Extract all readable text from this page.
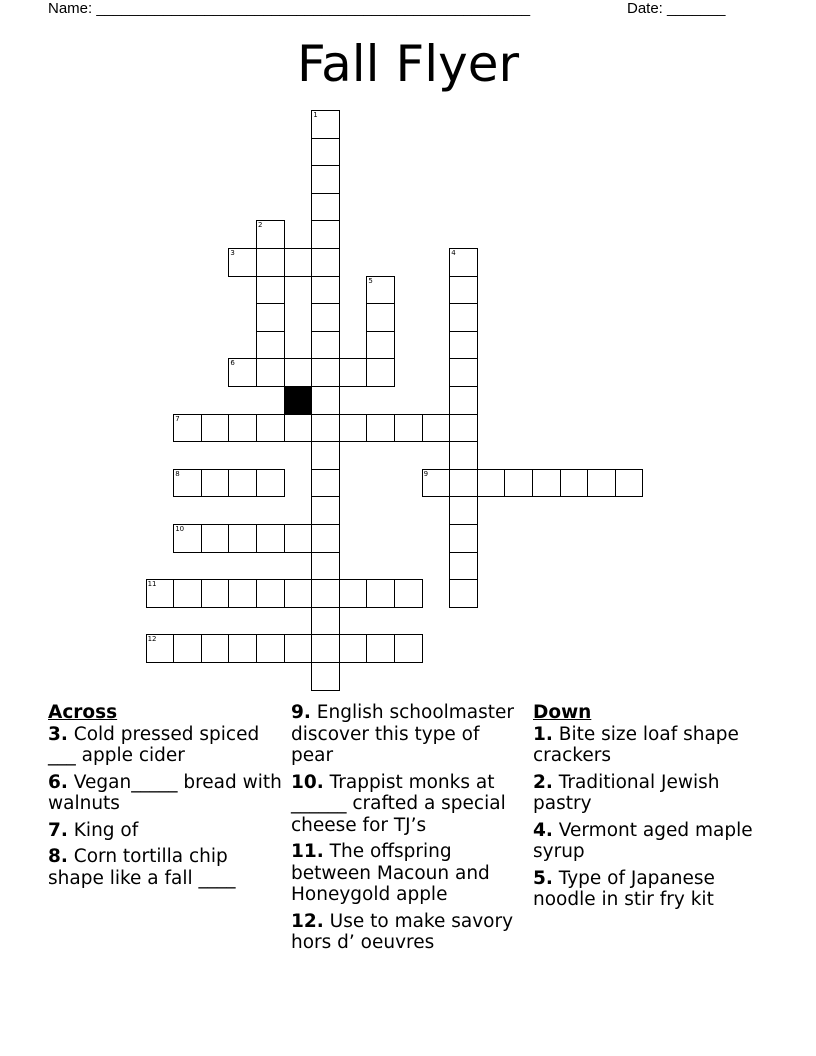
Name: ____________________________________________________	Date: _______
Fall Flyer
1
2
3	4
5
6
7
8	9
10
11
12
Across
3. Cold pressed spiced ___ apple cider
6. Vegan_____ bread with walnuts
7. King of
8. Corn tortilla chip shape like a fall ____
9. English schoolmaster discover this type of pear
10. Trappist monks at ______ crafted a special cheese for TJ’s
11. The offspring between Macoun and Honeygold apple
12. Use to make savory hors d’ oeuvres
Down
1. Bite size loaf shape crackers
2. Traditional Jewish pastry
4. Vermont aged maple syrup
5. Type of Japanese noodle in stir fry kit
